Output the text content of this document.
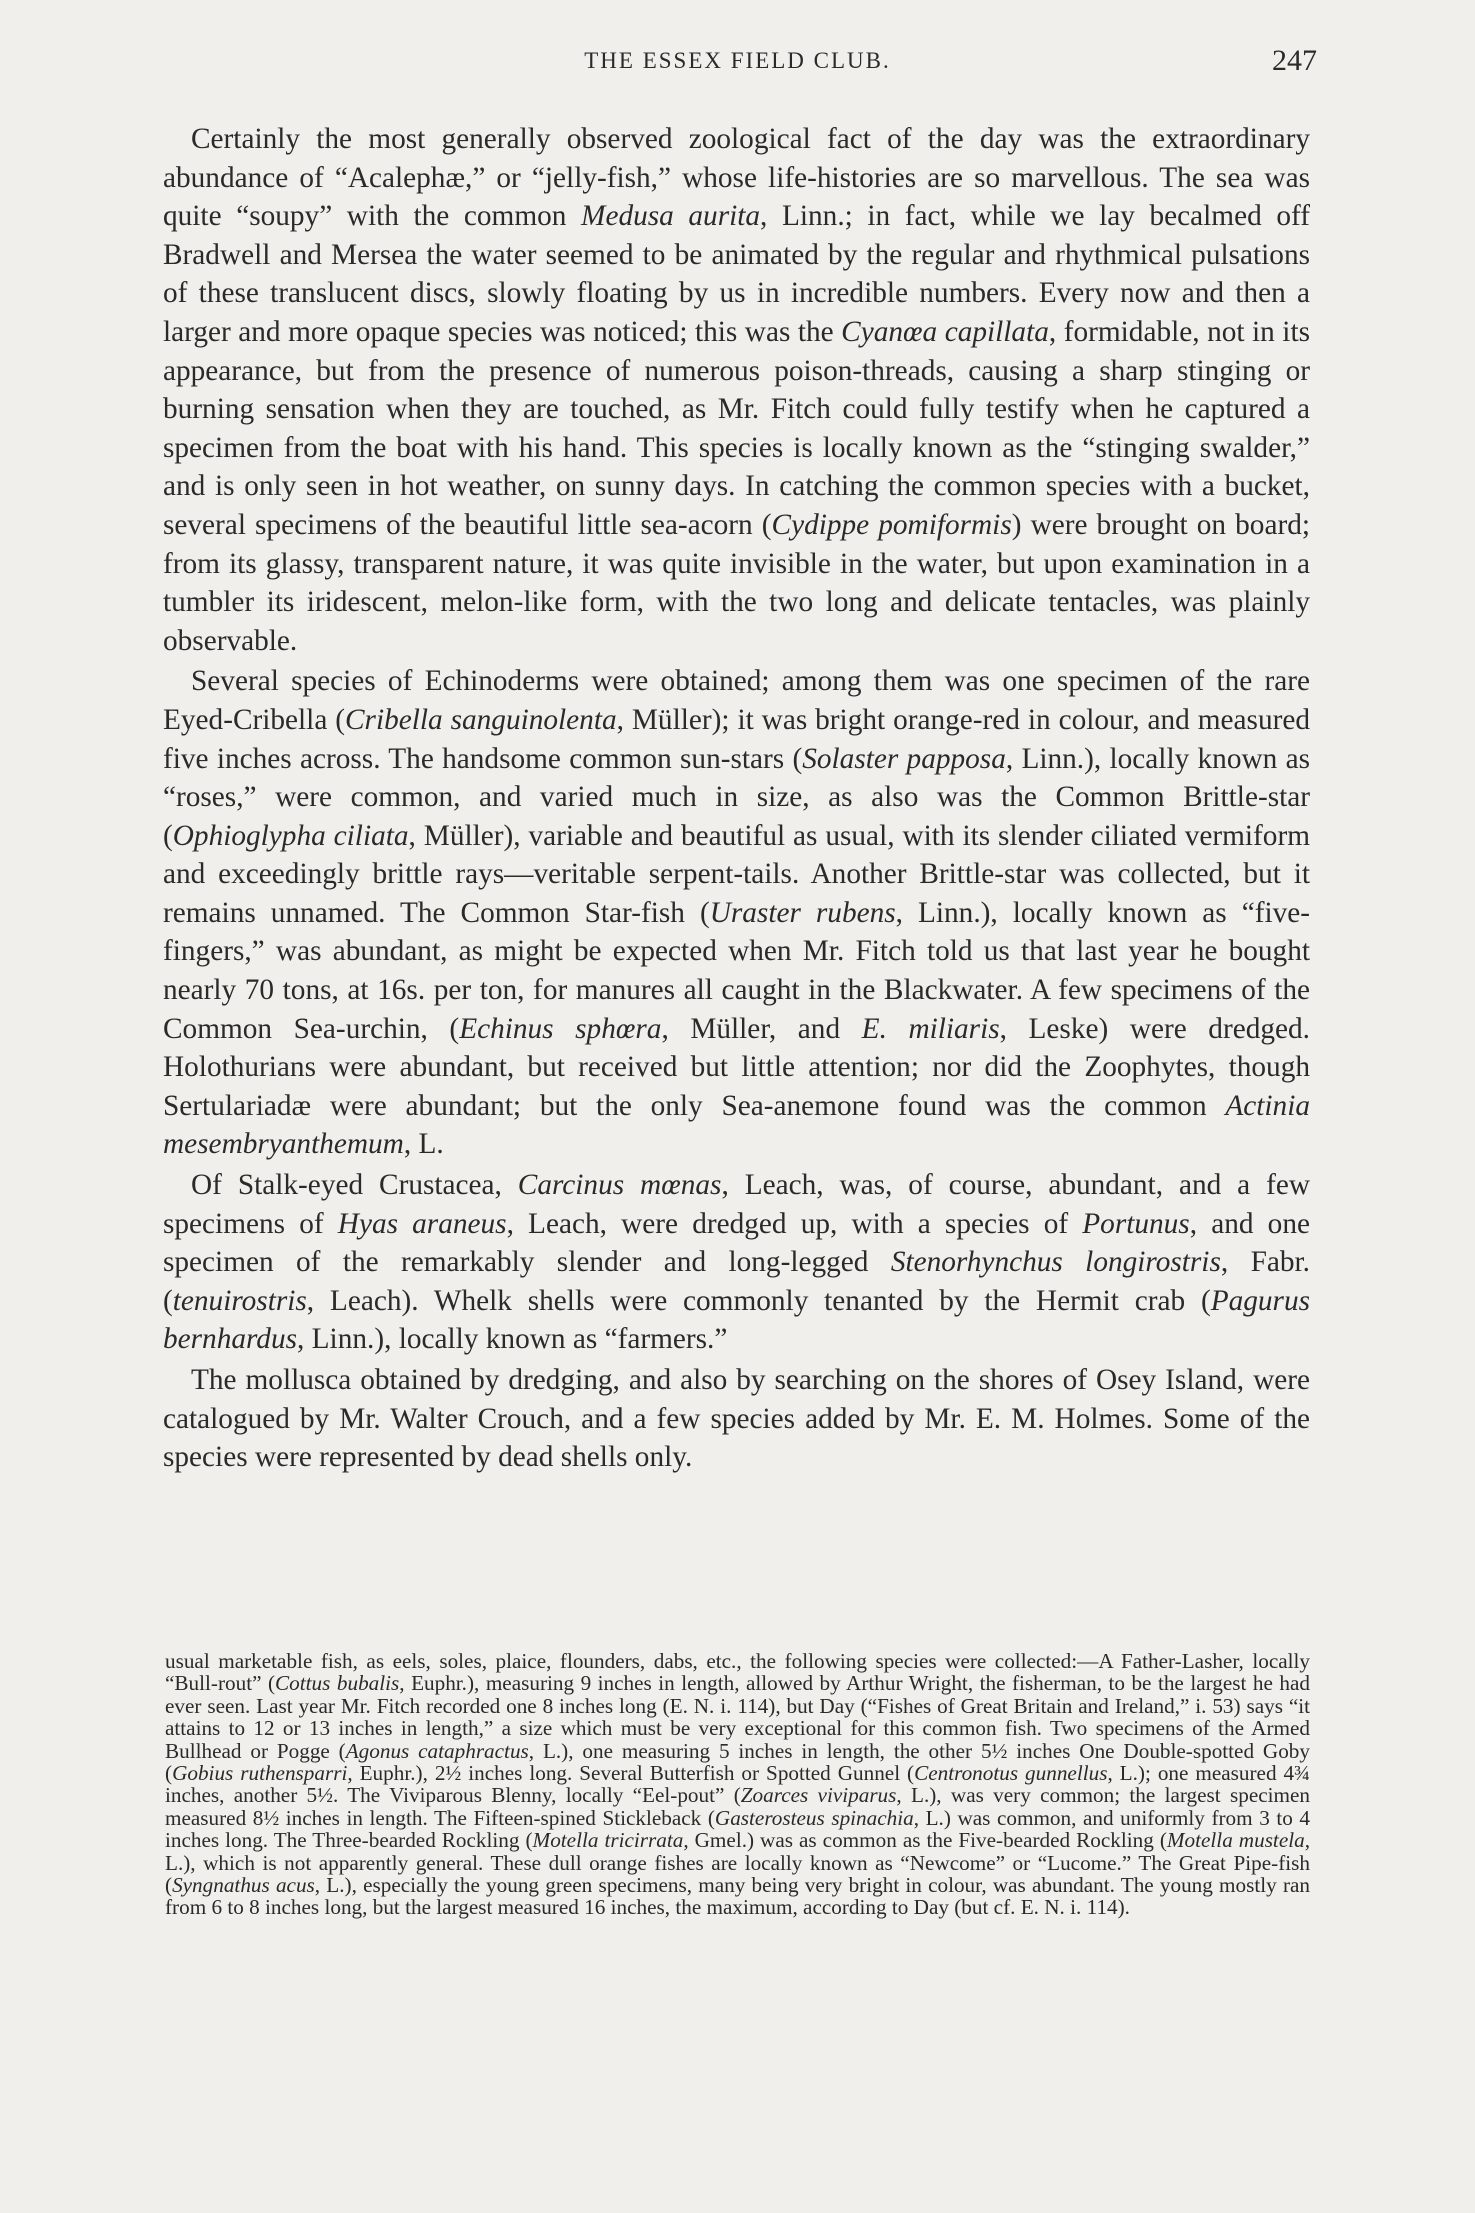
THE ESSEX FIELD CLUB.	247

Certainly the most generally observed zoological fact of the day was the extraordinary abundance of “Acalephæ,” or “jelly-fish,” whose life-histories are so marvellous. The sea was quite “soupy” with the common Medusa aurita, Linn.; in fact, while we lay becalmed off Bradwell and Mersea the water seemed to be animated by the regular and rhythmical pulsations of these translucent discs, slowly floating by us in incredible numbers. Every now and then a larger and more opaque species was noticed; this was the Cyanœa capillata, formidable, not in its appearance, but from the presence of numerous poison-threads, causing a sharp stinging or burning sensation when they are touched, as Mr. Fitch could fully testify when he captured a specimen from the boat with his hand. This species is locally known as the “stinging swalder,” and is only seen in hot weather, on sunny days. In catching the common species with a bucket, several specimens of the beautiful little sea-acorn (Cydippe pomiformis) were brought on board; from its glassy, transparent nature, it was quite invisible in the water, but upon examination in a tumbler its iridescent, melon-like form, with the two long and delicate tentacles, was plainly observable.

Several species of Echinoderms were obtained; among them was one specimen of the rare Eyed-Cribella (Cribella sanguinolenta, Müller); it was bright orange-red in colour, and measured five inches across. The handsome common sun-stars (Solaster papposa, Linn.), locally known as “roses,” were common, and varied much in size, as also was the Common Brittle-star (Ophioglypha ciliata, Müller), variable and beautiful as usual, with its slender ciliated vermiform and exceedingly brittle rays—veritable serpent-tails. Another Brittle-star was collected, but it remains unnamed. The Common Star-fish (Uraster rubens, Linn.), locally known as “five-fingers,” was abundant, as might be expected when Mr. Fitch told us that last year he bought nearly 70 tons, at 16s. per ton, for manures all caught in the Blackwater. A few specimens of the Common Sea-urchin, (Echinus sphœra, Müller, and E. miliaris, Leske) were dredged. Holothurians were abundant, but received but little attention; nor did the Zoophytes, though Sertulariadæ were abundant; but the only Sea-anemone found was the common Actinia mesembryanthemum, L.

Of Stalk-eyed Crustacea, Carcinus mœnas, Leach, was, of course, abundant, and a few specimens of Hyas araneus, Leach, were dredged up, with a species of Portunus, and one specimen of the remarkably slender and long-legged Stenorhynchus longirostris, Fabr. (tenuirostris, Leach). Whelk shells were commonly tenanted by the Hermit crab (Pagurus bernhardus, Linn.), locally known as “farmers.”

The mollusca obtained by dredging, and also by searching on the shores of Osey Island, were catalogued by Mr. Walter Crouch, and a few species added by Mr. E. M. Holmes. Some of the species were represented by dead shells only.

usual marketable fish, as eels, soles, plaice, flounders, dabs, etc., the following species were collected:—A Father-Lasher, locally “Bull-rout” (Cottus bubalis, Euphr.), measuring 9 inches in length, allowed by Arthur Wright, the fisherman, to be the largest he had ever seen. Last year Mr. Fitch recorded one 8 inches long (E. N. i. 114), but Day (“Fishes of Great Britain and Ireland,” i. 53) says “it attains to 12 or 13 inches in length,” a size which must be very exceptional for this common fish. Two specimens of the Armed Bullhead or Pogge (Agonus cataphractus, L.), one measuring 5 inches in length, the other 5½ inches One Double-spotted Goby (Gobius ruthensparri, Euphr.), 2½ inches long. Several Butterfish or Spotted Gunnel (Centronotus gunnellus, L.); one measured 4¾ inches, another 5½. The Viviparous Blenny, locally “Eel-pout” (Zoarces viviparus, L.), was very common; the largest specimen measured 8½ inches in length. The Fifteen-spined Stickleback (Gasterosteus spinachia, L.) was common, and uniformly from 3 to 4 inches long. The Three-bearded Rockling (Motella tricirrata, Gmel.) was as common as the Five-bearded Rockling (Motella mustela, L.), which is not apparently general. These dull orange fishes are locally known as “Newcome” or “Lucome.” The Great Pipe-fish (Syngnathus acus, L.), especially the young green specimens, many being very bright in colour, was abundant. The young mostly ran from 6 to 8 inches long, but the largest measured 16 inches, the maximum, according to Day (but cf. E. N. i. 114).
